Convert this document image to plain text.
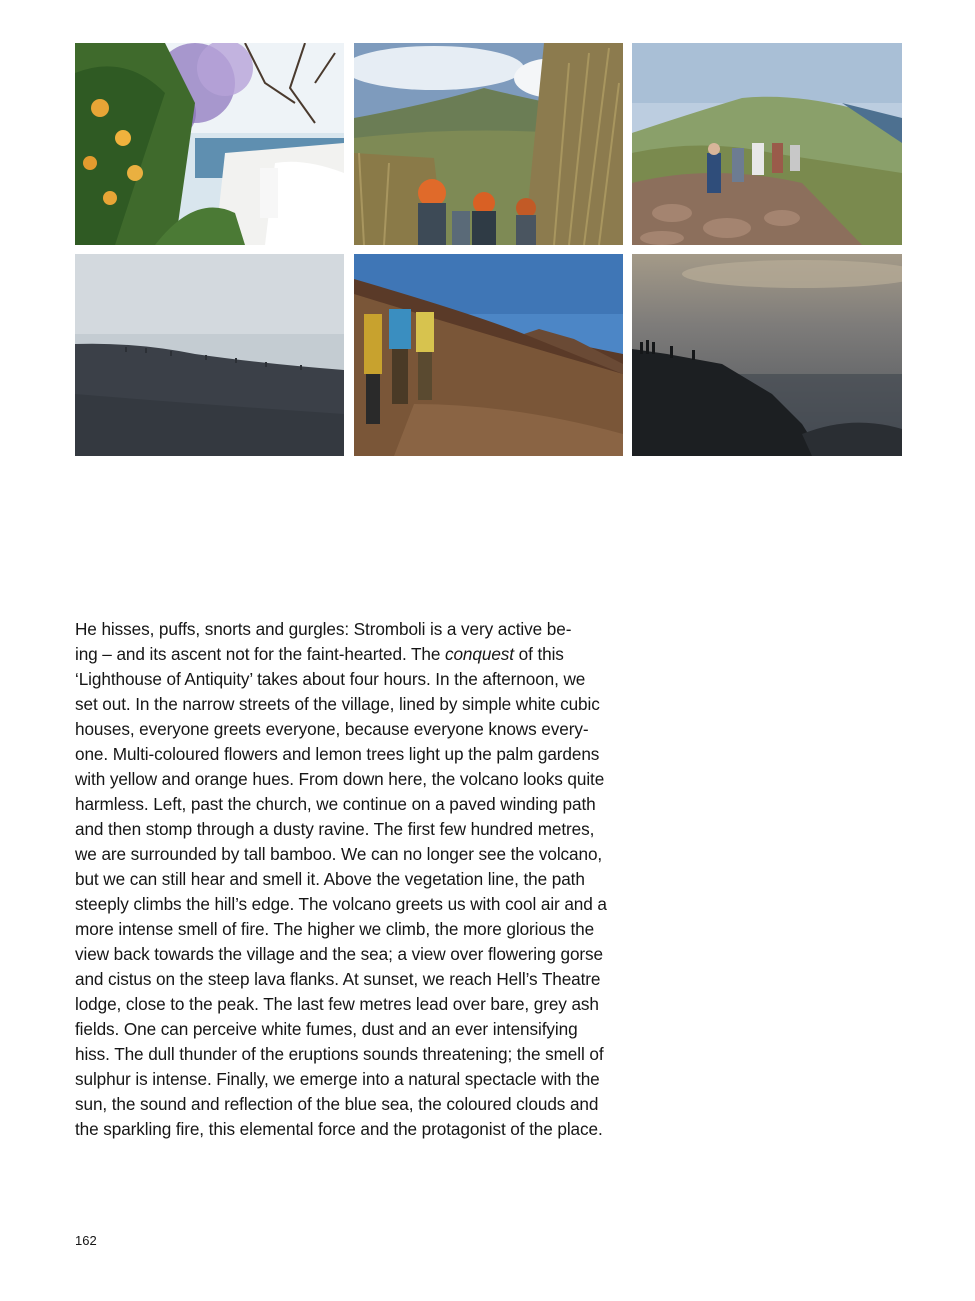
He hisses, puffs, snorts and gurgles: Stromboli is a very active be-
ing – and its ascent not for the faint-hearted. The conquest of this
‘Lighthouse of Antiquity’ takes about four hours. In the afternoon, we
set out. In the narrow streets of the village, lined by simple white cubic
houses, everyone greets everyone, because everyone knows every-
one. Multi-coloured flowers and lemon trees light up the palm gardens
with yellow and orange hues. From down here, the volcano looks quite
harmless. Left, past the church, we continue on a paved winding path
and then stomp through a dusty ravine. The first few hundred metres,
we are surrounded by tall bamboo. We can no longer see the volcano,
but we can still hear and smell it. Above the vegetation line, the path
steeply climbs the hill’s edge. The volcano greets us with cool air and a
more intense smell of fire. The higher we climb, the more glorious the
view back towards the village and the sea; a view over flowering gorse
and cistus on the steep lava flanks. At sunset, we reach Hell’s Theatre
lodge, close to the peak. The last few metres lead over bare, grey ash
fields. One can perceive white fumes, dust and an ever intensifying
hiss. The dull thunder of the eruptions sounds threatening; the smell of
sulphur is intense. Finally, we emerge into a natural spectacle with the
sun, the sound and reflection of the blue sea, the coloured clouds and
the sparkling fire, this elemental force and the protagonist of the place.

162
